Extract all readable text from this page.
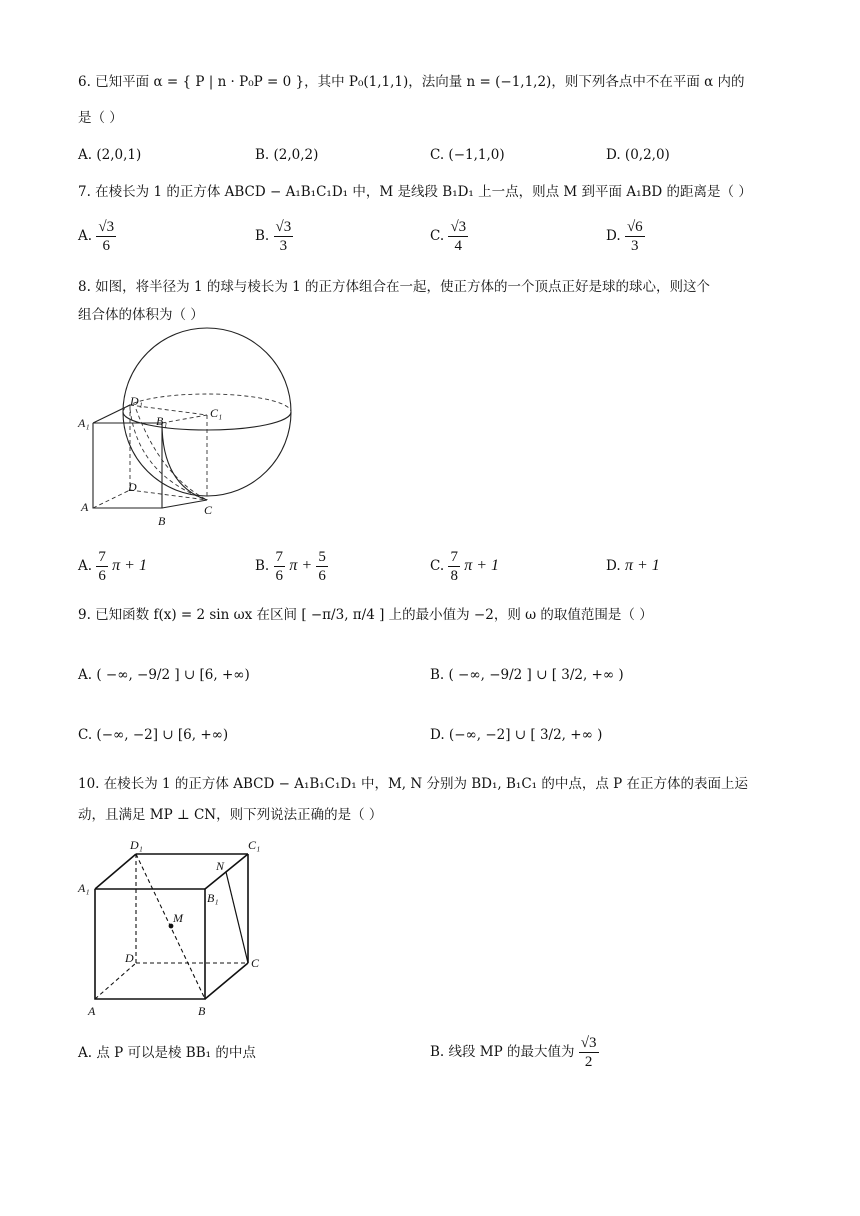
6. 已知平面 α = { P | n · P₀P = 0 }，其中 P₀(1,1,1)，法向量 n = (−1,1,2)，则下列各点中不在平面 α 内的
是（ ）
A. (2,0,1)	B. (2,0,2)	C. (−1,1,0)	D. (0,2,0)
7. 在棱长为 1 的正方体 ABCD − A₁B₁C₁D₁ 中，M 是线段 B₁D₁ 上一点，则点 M 到平面 A₁BD 的距离是（ ）
A. $\frac{√3}{6}$	B. $\frac{√3}{3}$	C. $\frac{√3}{4}$	D. $\frac{√6}{3}$
8. 如图，将半径为 1 的球与棱长为 1 的正方体组合在一起，使正方体的一个顶点正好是球的球心，则这个
组合体的体积为（ ）
D₁
C₁
A₁	B₁
D
A
B
C
A. $\frac{7}{6}$ π + 1	B. $\frac{7}{6}$ $\pi + \frac{5}{6}$	C. $\frac{7}{8}$ π + 1	D. π + 1
9. 已知函数 f(x) = 2 sin ωx 在区间 [ −π/3, π/4 ] 上的最小值为 −2，则 ω 的取值范围是（ ）
A. ( −∞, −9/2 ] ∪ [6, +∞)	B. ( −∞, −9/2 ] ∪ [ 3/2, +∞ )
C. (−∞, −2] ∪ [6, +∞)	D. (−∞, −2] ∪ [ 3/2, +∞ )
10. 在棱长为 1 的正方体 ABCD − A₁B₁C₁D₁ 中，M, N 分别为 BD₁, B₁C₁ 的中点，点 P 在正方体的表面上运
动，且满足 MP ⊥ CN，则下列说法正确的是（ ）
D₁	C₁
N
A₁
B₁
M
D	C
A	B
A. 点 P 可以是棱 BB₁ 的中点	B. 线段 MP 的最大值为 $\frac{√3}{2}$
